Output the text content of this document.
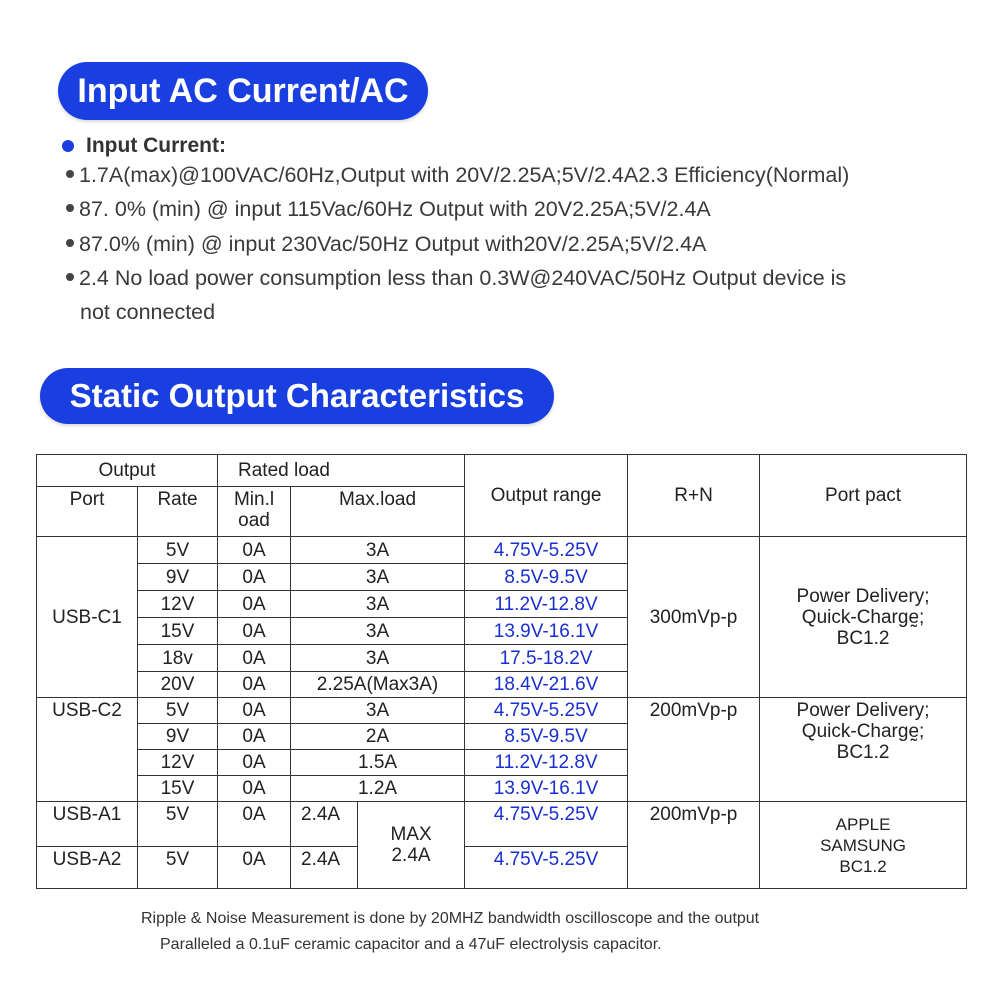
Input AC Current/AC
Input Current:
1.7A(max)@100VAC/60Hz,Output with 20V/2.25A;5V/2.4A2.3 Efficiency(Normal)
87. 0% (min) @ input 115Vac/60Hz Output with 20V2.25A;5V/2.4A
87.0% (min) @ input 230Vac/50Hz Output with20V/2.25A;5V/2.4A
2.4 No load power consumption less than 0.3W@240VAC/50Hz Output device is
not connected
Static Output Characteristics
Output		Rated load			Output range	R+N	Port pact
Port	Rate	Min.l oad	Max.load				
USB-C1	5V	0A	3A		4.75V-5.25V	300mVp-p	Power Delivery;
Quick-Chargḛ;
BC1.2
	9V	0A	3A		8.5V-9.5V		
	12V	0A	3A		11.2V-12.8V		
	15V	0A	3A		13.9V-16.1V		
	18v	0A	3A		17.5-18.2V		
	20V	0A	2.25A(Max3A)		18.4V-21.6V		
USB-C2	5V	0A	3A		4.75V-5.25V	200mVp-p	Power Delivery;
Quick-Chargḛ;
BC1.2
	9V	0A	2A		8.5V-9.5V		
	12V	0A	1.5A		11.2V-12.8V		
	15V	0A	1.2A		13.9V-16.1V		
USB-A1	5V	0A	2.4A	MAX
2.4A	4.75V-5.25V	200mVp-p	APPLE
SAMSUNG
BC1.2
USB-A2	5V	0A	2.4A		4.75V-5.25V		
Ripple & Noise Measurement is done by 20MHZ bandwidth oscilloscope and the output
Paralleled a 0.1uF ceramic capacitor and a 47uF electrolysis capacitor.
